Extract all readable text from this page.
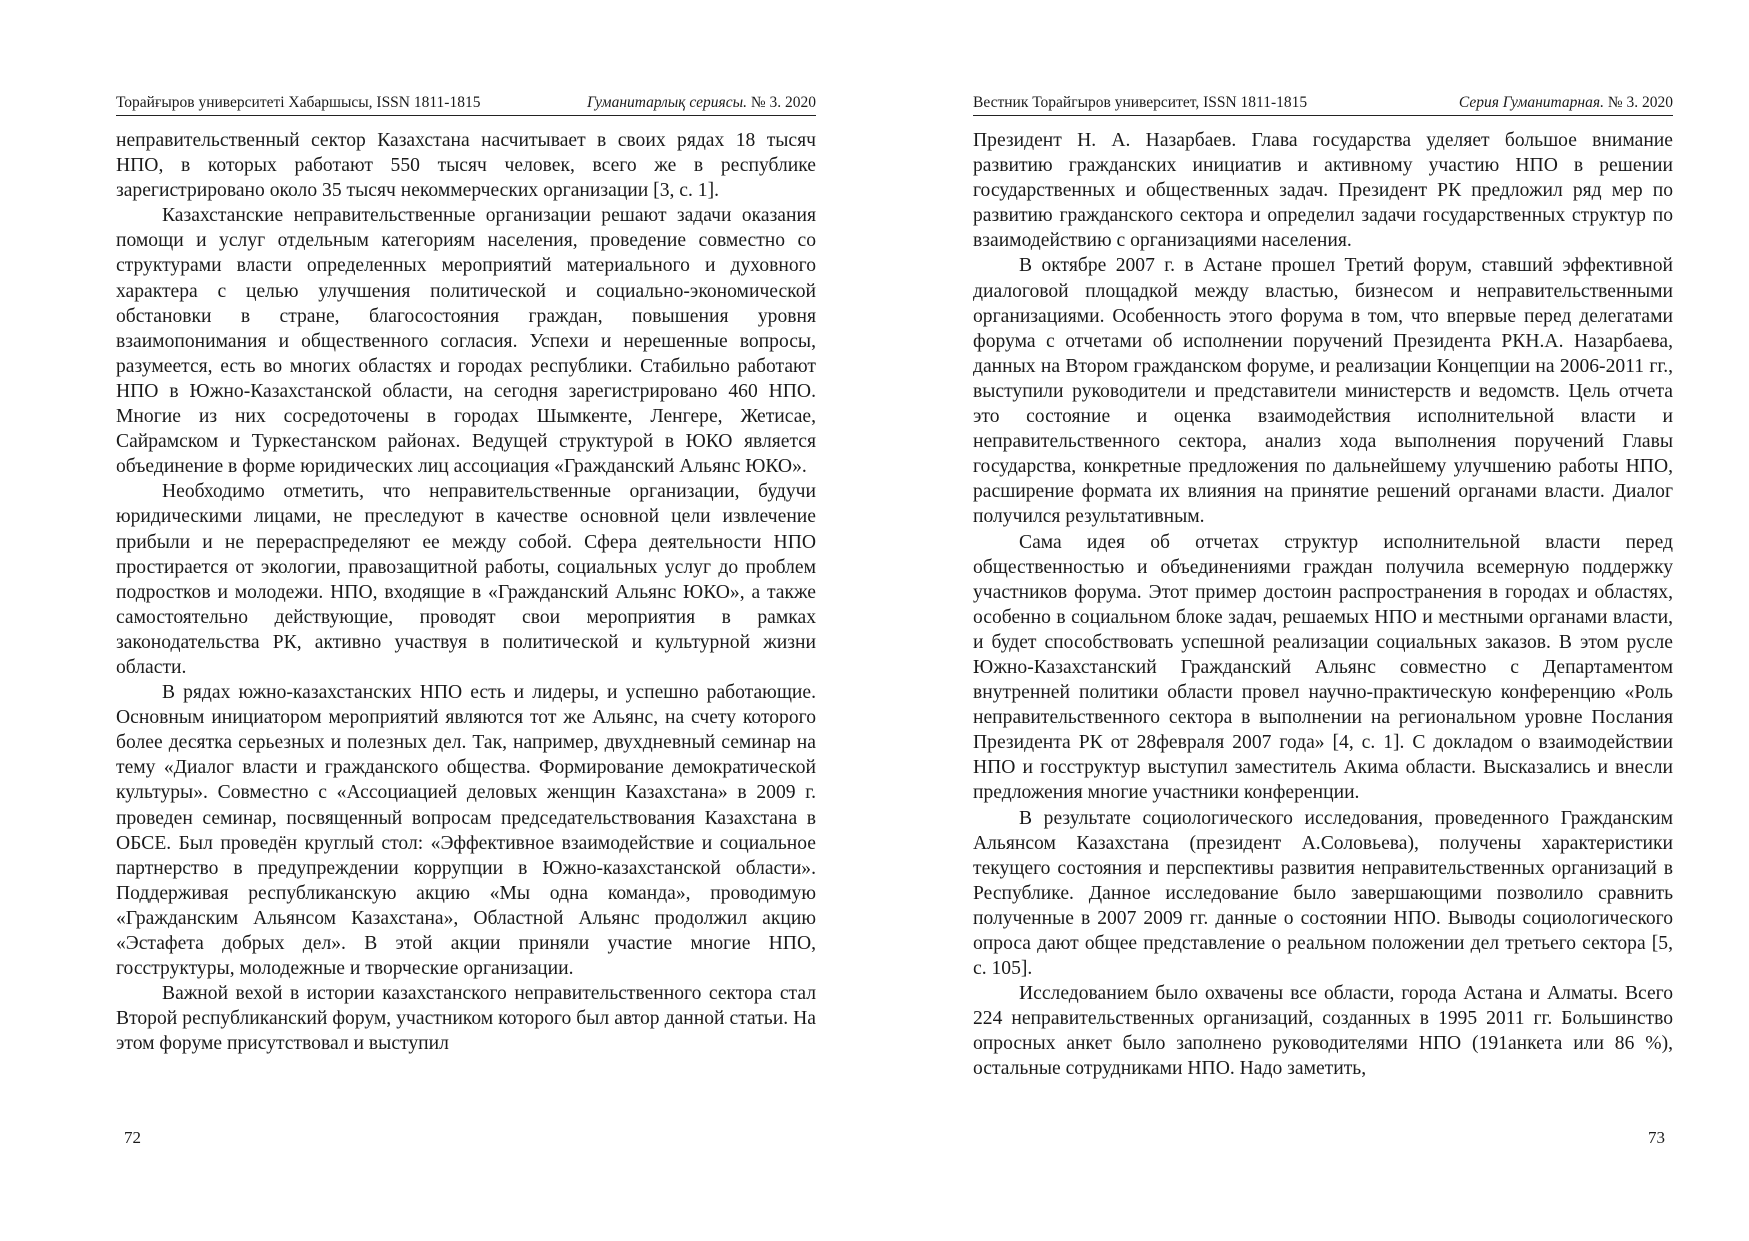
Торайғыров университеті Хабаршысы, ISSN 1811-1815	Гуманитарлық сериясы. № 3. 2020

неправительственный сектор Казахстана насчитывает в своих рядах 18 тысяч НПО, в которых работают 550 тысяч человек, всего же в республике зарегистрировано около 35 тысяч некоммерческих организации [3, с. 1].

Казахстанские неправительственные организации решают задачи оказания помощи и услуг отдельным категориям населения, проведение совместно со структурами власти определенных мероприятий материального и духовного характера с целью улучшения политической и социально-экономической обстановки в стране, благосостояния граждан, повышения уровня взаимопонимания и общественного согласия. Успехи и нерешенные вопросы, разумеется, есть во многих областях и городах республики. Стабильно работают НПО в Южно-Казахстанской области, на сегодня зарегистрировано 460 НПО. Многие из них сосредоточены в городах Шымкенте, Ленгере, Жетисае, Сайрамском и Туркестанском районах. Ведущей структурой в ЮКО является объединение в форме юридических лиц ассоциация «Гражданский Альянс ЮКО».

Необходимо отметить, что неправительственные организации, будучи юридическими лицами, не преследуют в качестве основной цели извлечение прибыли и не перераспределяют ее между собой. Сфера деятельности НПО простирается от экологии, правозащитной работы, социальных услуг до проблем подростков и молодежи. НПО, входящие в «Гражданский Альянс ЮКО», а также самостоятельно действующие, проводят свои мероприятия в рамках законодательства РК, активно участвуя в политической и культурной жизни области.

В рядах южно-казахстанских НПО есть и лидеры, и успешно работающие. Основным инициатором мероприятий являются тот же Альянс, на счету которого более десятка серьезных и полезных дел. Так, например, двухдневный семинар на тему «Диалог власти и гражданского общества. Формирование демократической культуры». Совместно с «Ассоциацией деловых женщин Казахстана» в 2009 г. проведен семинар, посвященный вопросам председательствования Казахстана в ОБСЕ. Был проведён круглый стол: «Эффективное взаимодействие и социальное партнерство в предупреждении коррупции в Южно-казахстанской области». Поддерживая республиканскую акцию «Мы одна команда», проводимую «Гражданским Альянсом Казахстана», Областной Альянс продолжил акцию «Эстафета добрых дел». В этой акции приняли участие многие НПО, госструктуры, молодежные и творческие организации.

Важной вехой в истории казахстанского неправительственного сектора стал Второй республиканский форум, участником которого был автор данной статьи. На этом форуме присутствовал и выступил

72
Вестник Торайгыров университет, ISSN 1811-1815	Серия Гуманитарная. № 3. 2020

Президент Н. А. Назарбаев. Глава государства уделяет большое внимание развитию гражданских инициатив и активному участию НПО в решении государственных и общественных задач. Президент РК предложил ряд мер по развитию гражданского сектора и определил задачи государственных структур по взаимодействию с организациями населения.

В октябре 2007 г. в Астане прошел Третий форум, ставший эффективной диалоговой площадкой между властью, бизнесом и неправительственными организациями. Особенность этого форума в том, что впервые перед делегатами форума с отчетами об исполнении поручений Президента РКН.А. Назарбаева, данных на Втором гражданском форуме, и реализации Концепции на 2006-2011 гг., выступили руководители и представители министерств и ведомств. Цель отчета это состояние и оценка взаимодействия исполнительной власти и неправительственного сектора, анализ хода выполнения поручений Главы государства, конкретные предложения по дальнейшему улучшению работы НПО, расширение формата их влияния на принятие решений органами власти. Диалог получился результативным.

Сама идея об отчетах структур исполнительной власти перед общественностью и объединениями граждан получила всемерную поддержку участников форума. Этот пример достоин распространения в городах и областях, особенно в социальном блоке задач, решаемых НПО и местными органами власти, и будет способствовать успешной реализации социальных заказов. В этом русле Южно-Казахстанский Гражданский Альянс совместно с Департаментом внутренней политики области провел научно-практическую конференцию «Роль неправительственного сектора в выполнении на региональном уровне Послания Президента РК от 28февраля 2007 года» [4, с. 1]. С докладом о взаимодействии НПО и госструктур выступил заместитель Акима области. Высказались и внесли предложения многие участники конференции.

В результате социологического исследования, проведенного Гражданским Альянсом Казахстана (президент А.Соловьева), получены характеристики текущего состояния и перспективы развития неправительственных организаций в Республике. Данное исследование было завершающими позволило сравнить полученные в 2007 2009 гг. данные о состоянии НПО. Выводы социологического опроса дают общее представление о реальном положении дел третьего сектора [5, с. 105].

Исследованием было охвачены все области, города Астана и Алматы. Всего 224 неправительственных организаций, созданных в 1995 2011 гг. Большинство опросных анкет было заполнено руководителями НПО (191анкета или 86 %), остальные сотрудниками НПО. Надо заметить,

73
